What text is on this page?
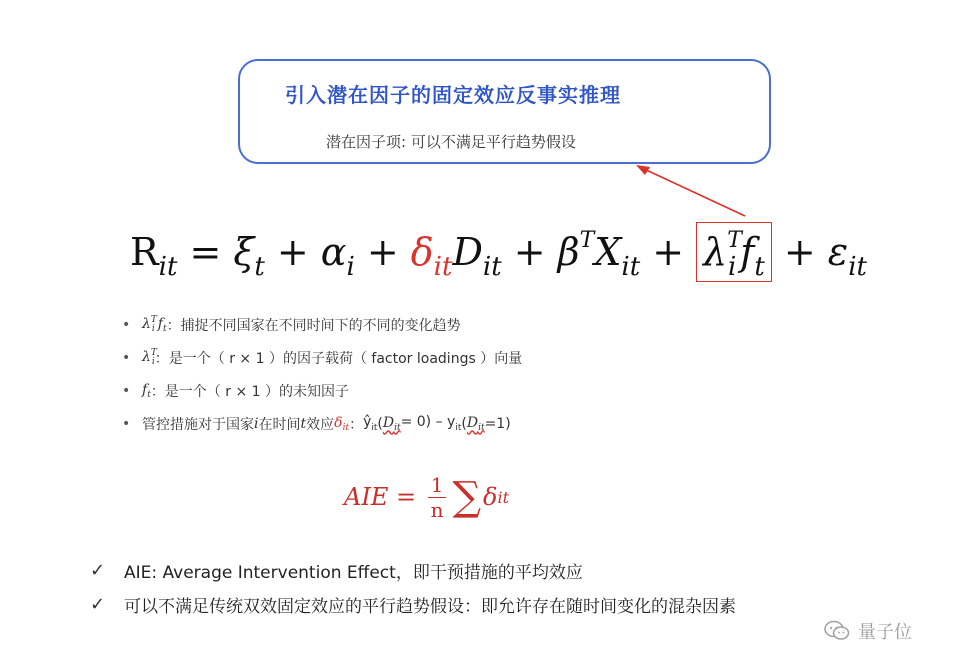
引入潜在因子的固定效应反事实推理
潜在因子项: 可以不满足平行趋势假设
$R_{it} = \xi_t + \alpha_i + \delta_{it}D_{it} + \beta^TX_{it} + \lambda^T_i$ $f_t + \varepsilon_{it}$
• $\lambda^T_i$ $f_t$ ：捕捉不同国家在不同时间下的不同的变化趋势
• $\lambda^T_i$ ：是一个（ r × 1 ）的因子载荷（ factor loadings ）向量
• $f_t$ ：是一个（ r × 1 ）的未知因子
• 管控措施对于国家 i 在时间 t 效应 $\delta_{it}$ ： $ŷ_{it}$ ( $D_{it} = 0) - y_{it}$ ( $D_{it} =1$)
AIE = $\frac{1}{n}$ ∑ δ it
✓	AIE: Average Intervention Effect，即干预措施的平均效应
✓	可以不满足传统双效固定效应的平行趋势假设：即允许存在随时间变化的混杂因素
量子位
